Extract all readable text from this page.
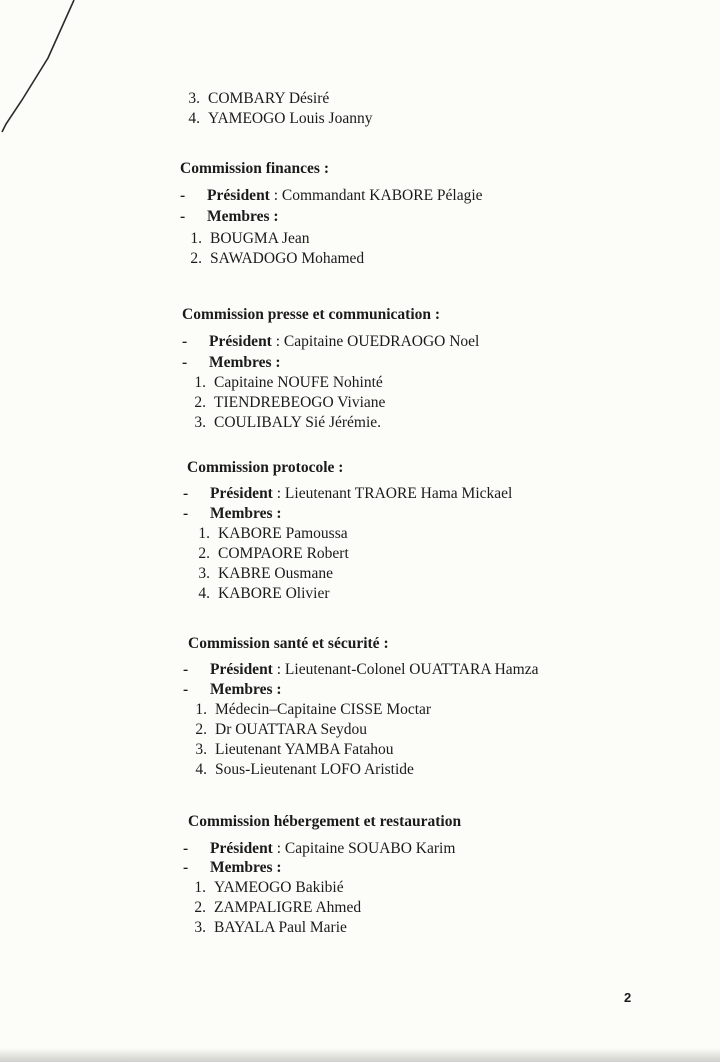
3. COMBARY Désiré
4. YAMEOGO Louis Joanny
Commission finances :
-	Président : Commandant KABORE Pélagie
-	Membres :
1. BOUGMA Jean
2. SAWADOGO Mohamed
Commission presse et communication :
-	Président : Capitaine OUEDRAOGO Noel
-	Membres :
1. Capitaine NOUFE Nohinté
2. TIENDREBEOGO Viviane
3. COULIBALY Sié Jérémie.
Commission protocole :
-	Président : Lieutenant TRAORE Hama Mickael
-	Membres :
1. KABORE Pamoussa
2. COMPAORE Robert
3. KABRE Ousmane
4. KABORE Olivier
Commission santé et sécurité :
-	Président : Lieutenant-Colonel OUATTARA Hamza
-	Membres :
1. Médecin–Capitaine CISSE Moctar
2. Dr OUATTARA Seydou
3. Lieutenant YAMBA Fatahou
4. Sous-Lieutenant LOFO Aristide
Commission hébergement et restauration
-	Président : Capitaine SOUABO Karim
-	Membres :
1. YAMEOGO Bakibié
2. ZAMPALIGRE Ahmed
3. BAYALA Paul Marie
2
